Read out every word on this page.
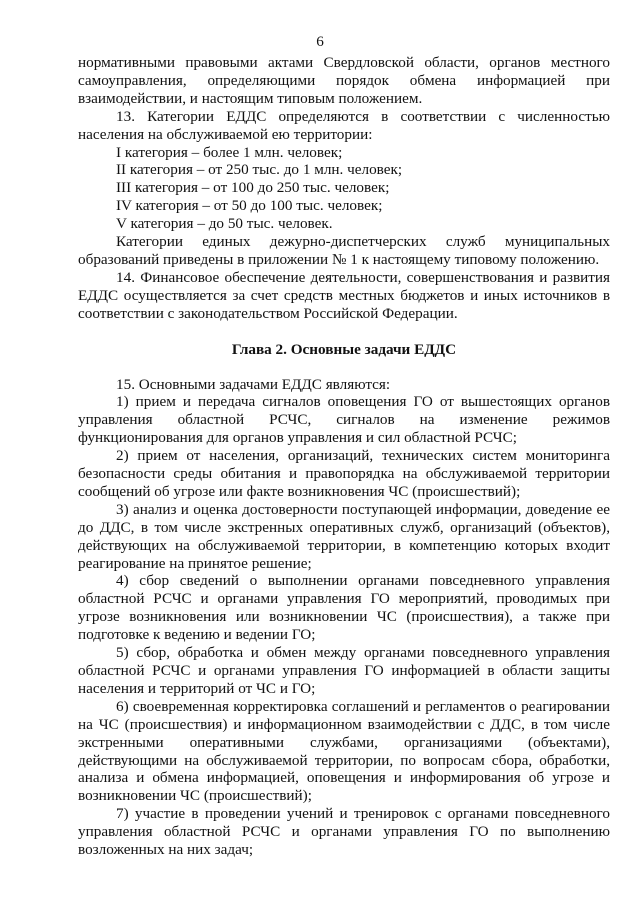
6

нормативными правовыми актами Свердловской области, органов местного самоуправления, определяющими порядок обмена информацией при взаимодействии, и настоящим типовым положением.

13. Категории ЕДДС определяются в соответствии с численностью населения на обслуживаемой ею территории:

I категория – более 1 млн. человек;

II категория – от 250 тыс. до 1 млн. человек;

III категория – от 100 до 250 тыс. человек;

IV категория – от 50 до 100 тыс. человек;

V категория – до 50 тыс. человек.

Категории единых дежурно-диспетчерских служб муниципальных образований приведены в приложении № 1 к настоящему типовому положению.

14. Финансовое обеспечение деятельности, совершенствования и развития ЕДДС осуществляется за счет средств местных бюджетов и иных источников в соответствии с законодательством Российской Федерации.

Глава 2. Основные задачи ЕДДС

15. Основными задачами ЕДДС являются:

1) прием и передача сигналов оповещения ГО от вышестоящих органов управления областной РСЧС, сигналов на изменение режимов функционирования для органов управления и сил областной РСЧС;

2) прием от населения, организаций, технических систем мониторинга безопасности среды обитания и правопорядка на обслуживаемой территории сообщений об угрозе или факте возникновения ЧС (происшествий);

3) анализ и оценка достоверности поступающей информации, доведение ее до ДДС, в том числе экстренных оперативных служб, организаций (объектов), действующих на обслуживаемой территории, в компетенцию которых входит реагирование на принятое решение;

4) сбор сведений о выполнении органами повседневного управления областной РСЧС и органами управления ГО мероприятий, проводимых при угрозе возникновения или возникновении ЧС (происшествия), а также при подготовке к ведению и ведении ГО;

5) сбор, обработка и обмен между органами повседневного управления областной РСЧС и органами управления ГО информацией в области защиты населения и территорий от ЧС и ГО;

6) своевременная корректировка соглашений и регламентов о реагировании на ЧС (происшествия) и информационном взаимодействии с ДДС, в том числе экстренными оперативными службами, организациями (объектами), действующими на обслуживаемой территории, по вопросам сбора, обработки, анализа и обмена информацией, оповещения и информирования об угрозе и возникновении ЧС (происшествий);

7) участие в проведении учений и тренировок с органами повседневного управления областной РСЧС и органами управления ГО по выполнению возложенных на них задач;
